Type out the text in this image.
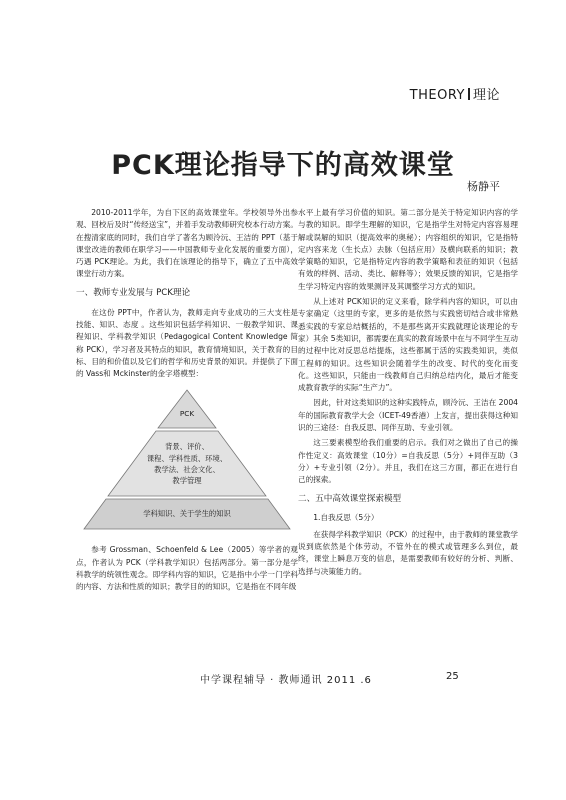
THEORY 理论
PCK理论指导下的高效课堂
杨静平

2010-2011学年，为自下区的高效课堂年。学校领导外出参观、回校后及时“传经送宝”，并着手发动教师研究校本行动方案。在搜清家底的同时，我们自学了著名为顾泠沅、王洁的 PPT（基于课堂改进的教师在职学习——中国教师专业化发展的重要方面），巧遇 PCK理论。为此，我们在该理论的指导下，确立了五中高效课堂行动方案。

一、教师专业发展与 PCK理论

在这份 PPT中，作者认为，教师走向专业成功的三大支柱是 技能、知识、态度 。这些知识包括学科知识、一般教学知识、课程知识、学科教学知识（Pedagogical Content Knowledge 简称 PCK），学习者及其特点的知识，教育情境知识，关于教育的目标、目的和价值以及它们的哲学和历史背景的知识。并提供了下面的 Vass和 Mckinster的金字塔模型：

PCK
背景、评价、
课程、学科性质、环境、
教学法、社会文化、
教学管理
学科知识、关于学生的知识

参考 Grossman、Schoenfeld & Lee（2005）等学者的观点，作者认为 PCK（学科教学知识）包括两部分。第一部分是学科教学的统领性观念。即学科内容的知识，它是指中小学一门学科的内容、方法和性质的知识；教学目的的知识，它是指在不同年级

水平上最有学习价值的知识。第二部分是关于特定知识内容的学与教的知识。即学生理解的知识，它是指学生对特定内容容易理解或误解的知识（提高效率的奥秘）；内容组织的知识，它是指特定内容来龙（生长点）去脉（包括应用）及横向联系的知识；教学策略的知识，它是指特定内容的教学策略和表征的知识（包括有效的样例、活动、类比、解释等）；效果反馈的知识，它是指学生学习特定内容的效果测评及其调整学习方式的知识。

从上述对 PCK知识的定义来看，除学科内容的知识，可以由专家确定（这里的专家，更多的是依然与实践密切结合或非常熟悉实践的专家总结概括的，不是那些离开实践就理论谈理论的专家）其余 5类知识，都需要在真实的教育场景中在与不同学生互动的过程中比对反思总结提炼，这些都属于活的实践类知识，类似工程师的知识。这些知识会随着学生的改变、时代的变化而变化。这些知识，只能由一线教师自己归纳总结内化，最后才能变成教育教学的实际“生产力”。

因此，针对这类知识的这种实践特点，顾泠沅、王洁在 2004年的国际教育教学大会（ICET-49香港）上发言，提出获得这种知识的三途径：自我反思、同伴互助、专业引领。

这三要素模型给我们重要的启示。我们对之做出了自己的操作性定义：高效课堂（10分）=自我反思（5分）+同伴互助（3分）+专业引领（2分）。并且，我们在这三方面，都正在进行自己的探索。

二、五中高效课堂探索模型
1.自我反思（5分）

在获得学科教学知识（PCK）的过程中，由于教师的课堂教学说到底依然是个体劳动，不管外在的模式或管理多么到位，最终，课堂上瞬息万变的信息，是需要教师有较好的分析、判断、选择与决策能力的。

中学课程辅导 · 教师通讯 2011 .6	25
